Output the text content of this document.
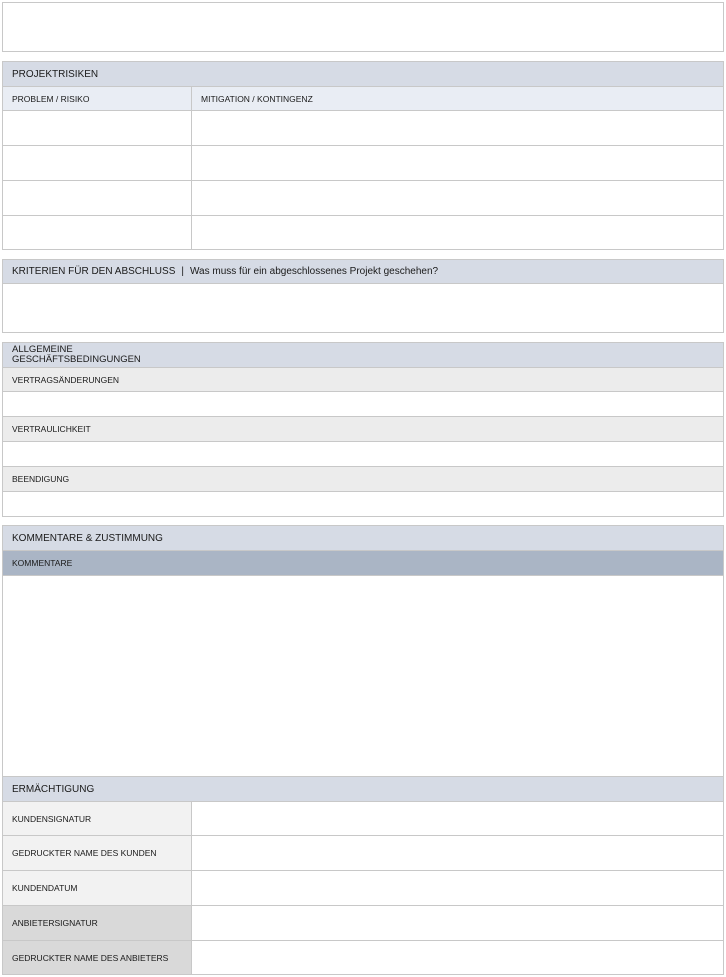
PROJEKTRISIKEN
PROBLEM / RISIKO	MITIGATION / KONTINGENZ
KRITERIEN FÜR DEN ABSCHLUSS | Was muss für ein abgeschlossenes Projekt geschehen?
ALLGEMEINE
GESCHÄFTSBEDINGUNGEN
VERTRAGSÄNDERUNGEN
VERTRAULICHKEIT
BEENDIGUNG
KOMMENTARE & ZUSTIMMUNG
KOMMENTARE
ERMÄCHTIGUNG
KUNDENSIGNATUR
GEDRUCKTER NAME DES KUNDEN
KUNDENDATUM
ANBIETERSIGNATUR
GEDRUCKTER NAME DES ANBIETERS
